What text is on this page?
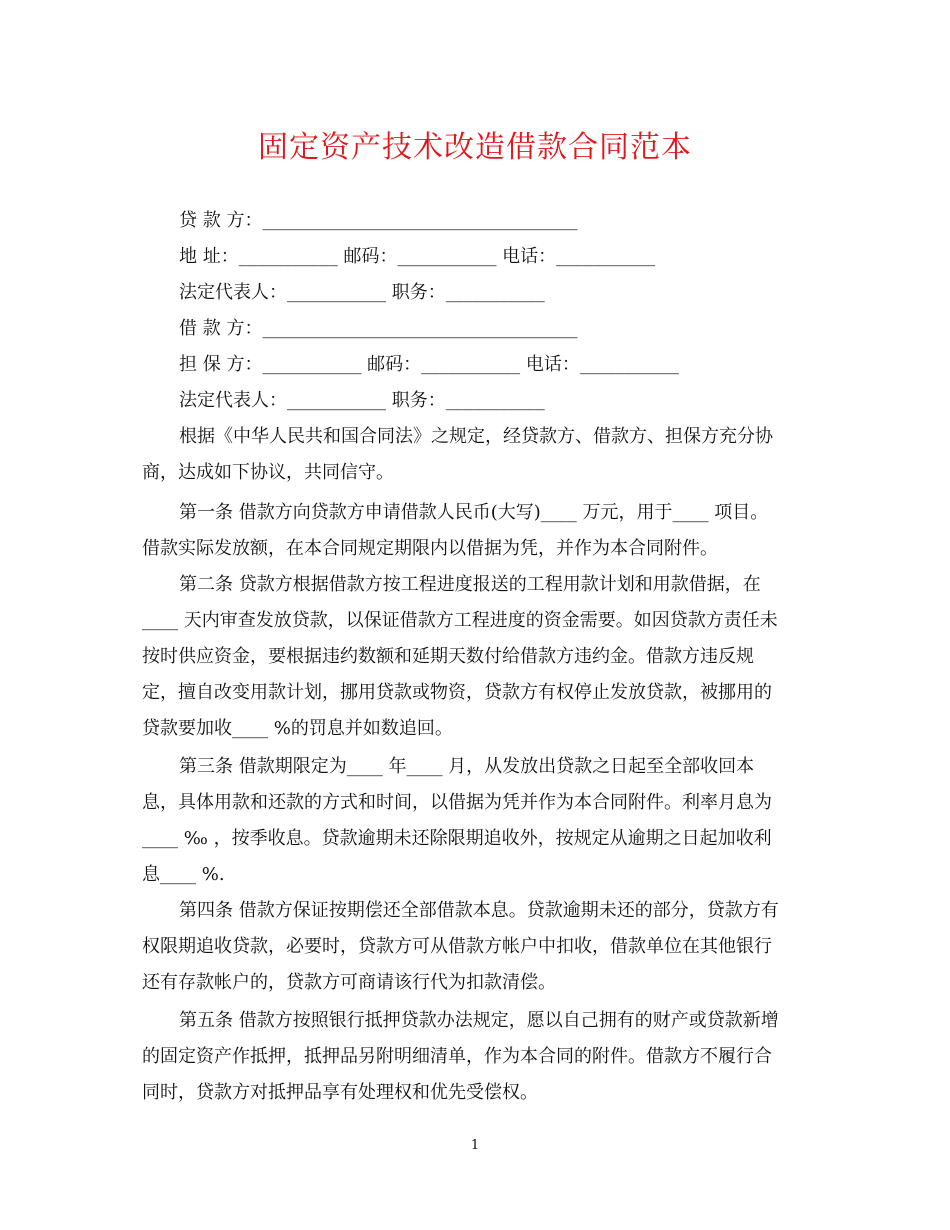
固定资产技术改造借款合同范本
贷 款 方：___________________________________
地 址：___________ 邮码：___________ 电话：___________
法定代表人：___________ 职务：___________
借 款 方：___________________________________
担 保 方：___________ 邮码：___________ 电话：___________
法定代表人：___________ 职务：___________
根据《中华人民共和国合同法》之规定，经贷款方、借款方、担保方充分协
商，达成如下协议，共同信守。
第一条 借款方向贷款方申请借款人民币(大写)____ 万元，用于____ 项目。
借款实际发放额，在本合同规定期限内以借据为凭，并作为本合同附件。
第二条 贷款方根据借款方按工程进度报送的工程用款计划和用款借据，在
____ 天内审查发放贷款，以保证借款方工程进度的资金需要。如因贷款方责任未
按时供应资金，要根据违约数额和延期天数付给借款方违约金。借款方违反规
定，擅自改变用款计划，挪用贷款或物资，贷款方有权停止发放贷款，被挪用的
贷款要加收____ %的罚息并如数追回。
第三条 借款期限定为____ 年____ 月，从发放出贷款之日起至全部收回本
息，具体用款和还款的方式和时间，以借据为凭并作为本合同附件。利率月息为
____ ‰ ，按季收息。贷款逾期未还除限期追收外，按规定从逾期之日起加收利
息____ %.
第四条 借款方保证按期偿还全部借款本息。贷款逾期未还的部分，贷款方有
权限期追收贷款，必要时，贷款方可从借款方帐户中扣收，借款单位在其他银行
还有存款帐户的，贷款方可商请该行代为扣款清偿。
第五条 借款方按照银行抵押贷款办法规定，愿以自己拥有的财产或贷款新增
的固定资产作抵押，抵押品另附明细清单，作为本合同的附件。借款方不履行合
同时，贷款方对抵押品享有处理权和优先受偿权。
1
